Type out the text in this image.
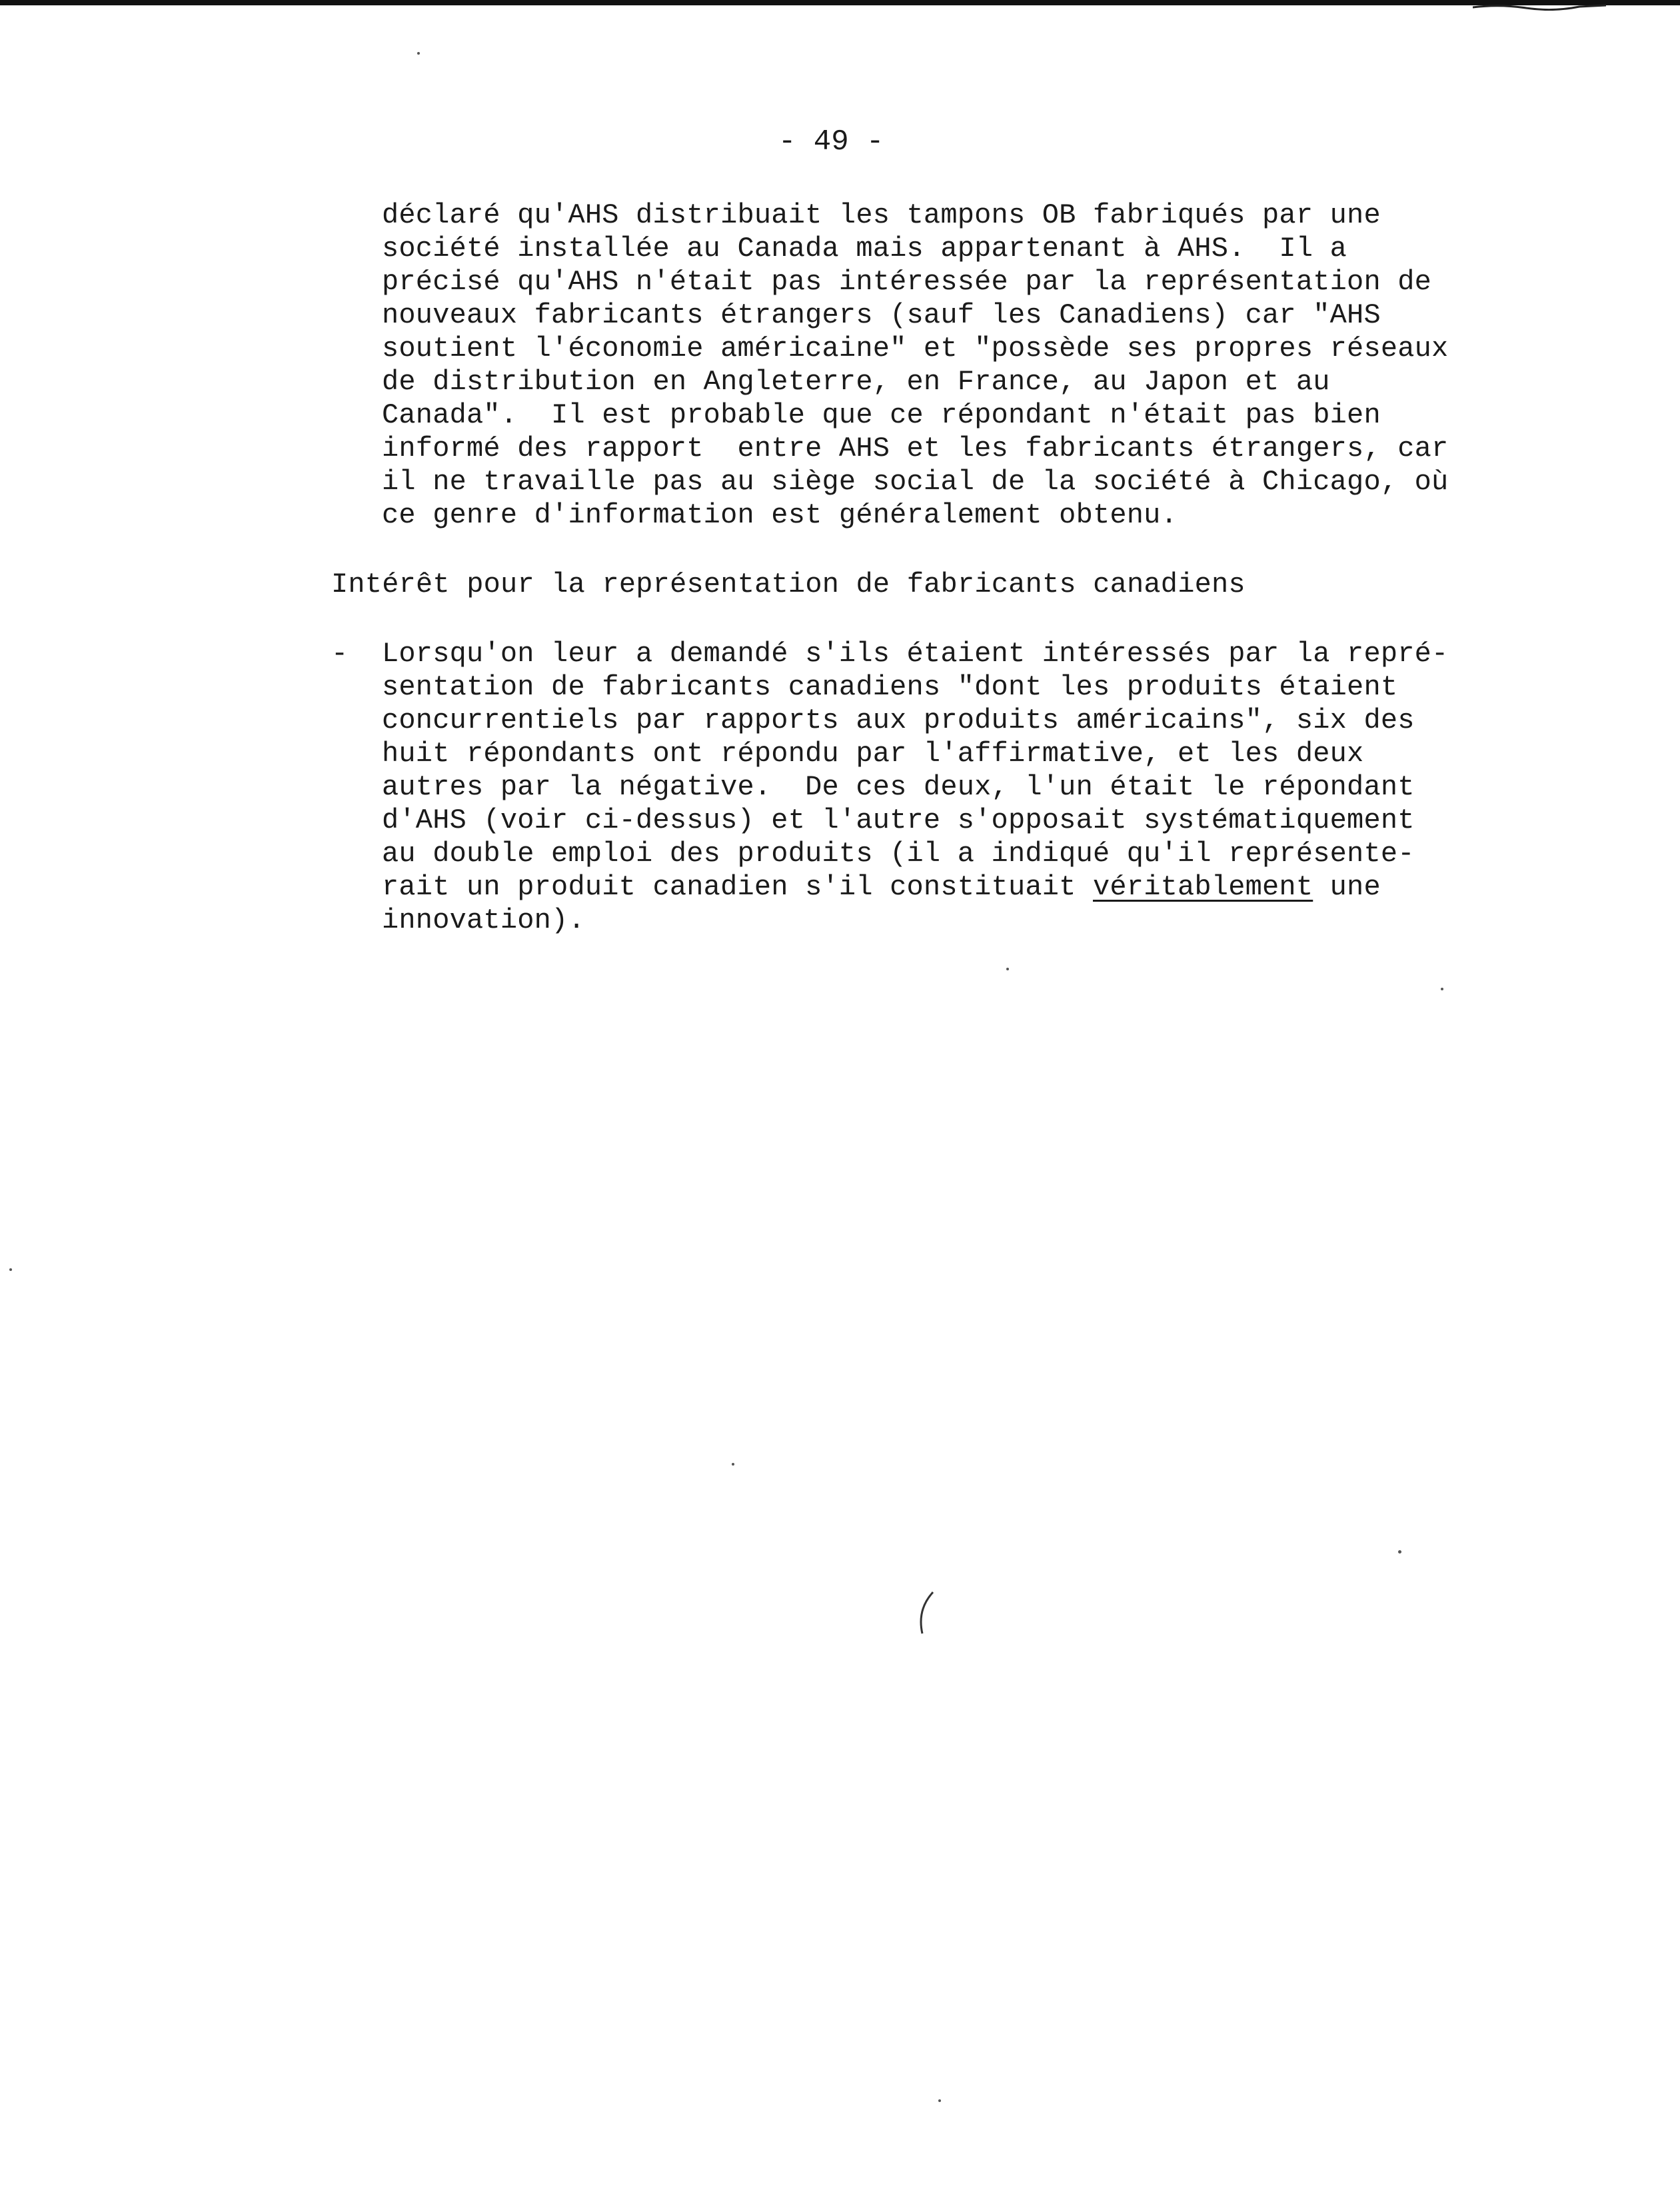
- 49 -
déclaré qu'AHS distribuait les tampons OB fabriqués par une
société installée au Canada mais appartenant à AHS.  Il a
précisé qu'AHS n'était pas intéressée par la représentation de
nouveaux fabricants étrangers (sauf les Canadiens) car "AHS
soutient l'économie américaine" et "possède ses propres réseaux
de distribution en Angleterre, en France, au Japon et au
Canada".  Il est probable que ce répondant n'était pas bien
informé des rapport  entre AHS et les fabricants étrangers, car
il ne travaille pas au siège social de la société à Chicago, où
ce genre d'information est généralement obtenu.
Intérêt pour la représentation de fabricants canadiens
- Lorsqu'on leur a demandé s'ils étaient intéressés par la repré-
sentation de fabricants canadiens "dont les produits étaient
concurrentiels par rapports aux produits américains", six des
huit répondants ont répondu par l'affirmative, et les deux
autres par la négative.  De ces deux, l'un était le répondant
d'AHS (voir ci-dessus) et l'autre s'opposait systématiquement
au double emploi des produits (il a indiqué qu'il représente-
rait un produit canadien s'il constituait véritablement une
innovation).
